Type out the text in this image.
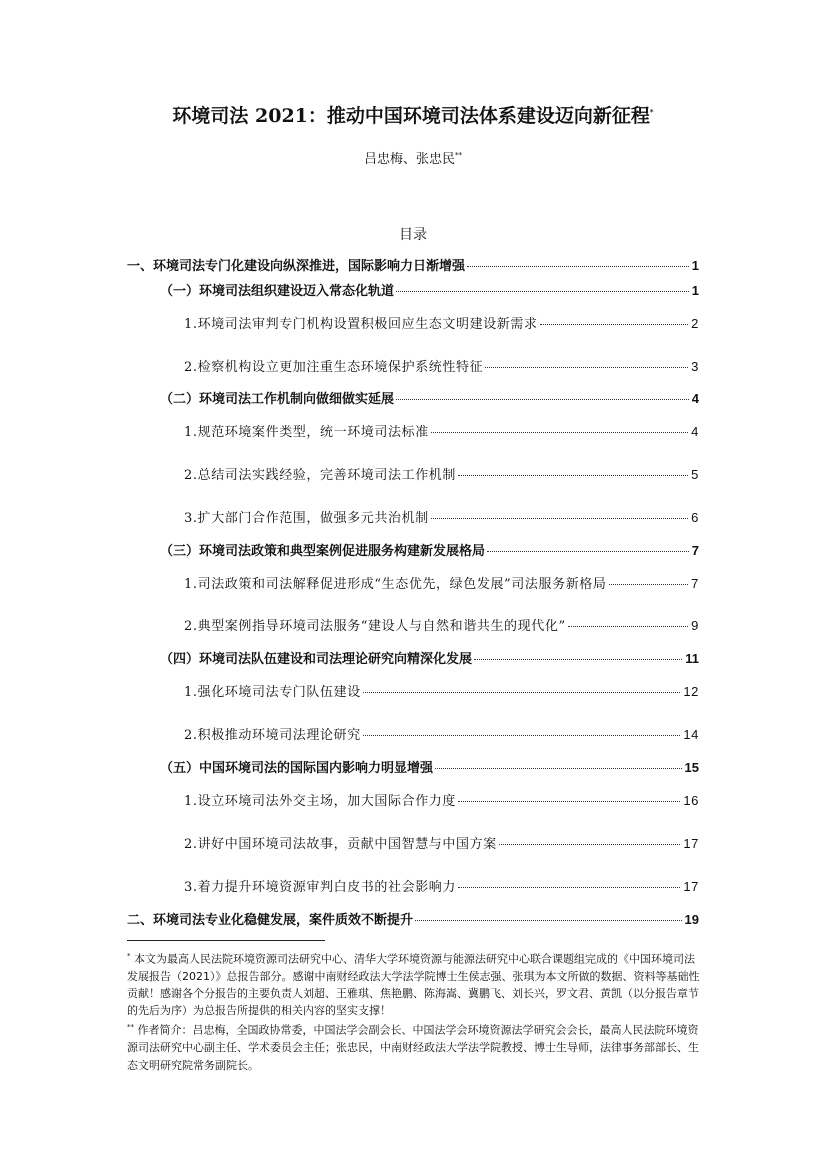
环境司法 2021：推动中国环境司法体系建设迈向新征程*
吕忠梅、张忠民**
目录
一、环境司法专门化建设向纵深推进，国际影响力日渐增强	1
（一）环境司法组织建设迈入常态化轨道	1
1.环境司法审判专门机构设置积极回应生态文明建设新需求	2
2.检察机构设立更加注重生态环境保护系统性特征	3
（二）环境司法工作机制向做细做实延展	4
1.规范环境案件类型，统一环境司法标准	4
2.总结司法实践经验，完善环境司法工作机制	5
3.扩大部门合作范围，做强多元共治机制	6
（三）环境司法政策和典型案例促进服务构建新发展格局	7
1.司法政策和司法解释促进形成“生态优先，绿色发展”司法服务新格局	7
2.典型案例指导环境司法服务“建设人与自然和谐共生的现代化”	9
（四）环境司法队伍建设和司法理论研究向精深化发展	11
1.强化环境司法专门队伍建设	12
2.积极推动环境司法理论研究	14
（五）中国环境司法的国际国内影响力明显增强	15
1.设立环境司法外交主场，加大国际合作力度	16
2.讲好中国环境司法故事，贡献中国智慧与中国方案	17
3.着力提升环境资源审判白皮书的社会影响力	17
二、环境司法专业化稳健发展，案件质效不断提升	19
* 本文为最高人民法院环境资源司法研究中心、清华大学环境资源与能源法研究中心联合课题组完成的《中国环境司法发展报告（2021）》总报告部分。感谢中南财经政法大学法学院博士生侯志强、张琪为本文所做的数据、资料等基础性贡献！感谢各个分报告的主要负责人刘超、王雅琪、焦艳鹏、陈海嵩、冀鹏飞、刘长兴，罗文君、黄凯（以分报告章节的先后为序）为总报告所提供的相关内容的坚实支撑！
** 作者简介：吕忠梅，全国政协常委，中国法学会副会长、中国法学会环境资源法学研究会会长，最高人民法院环境资源司法研究中心副主任、学术委员会主任；张忠民，中南财经政法大学法学院教授、博士生导师，法律事务部部长、生态文明研究院常务副院长。
